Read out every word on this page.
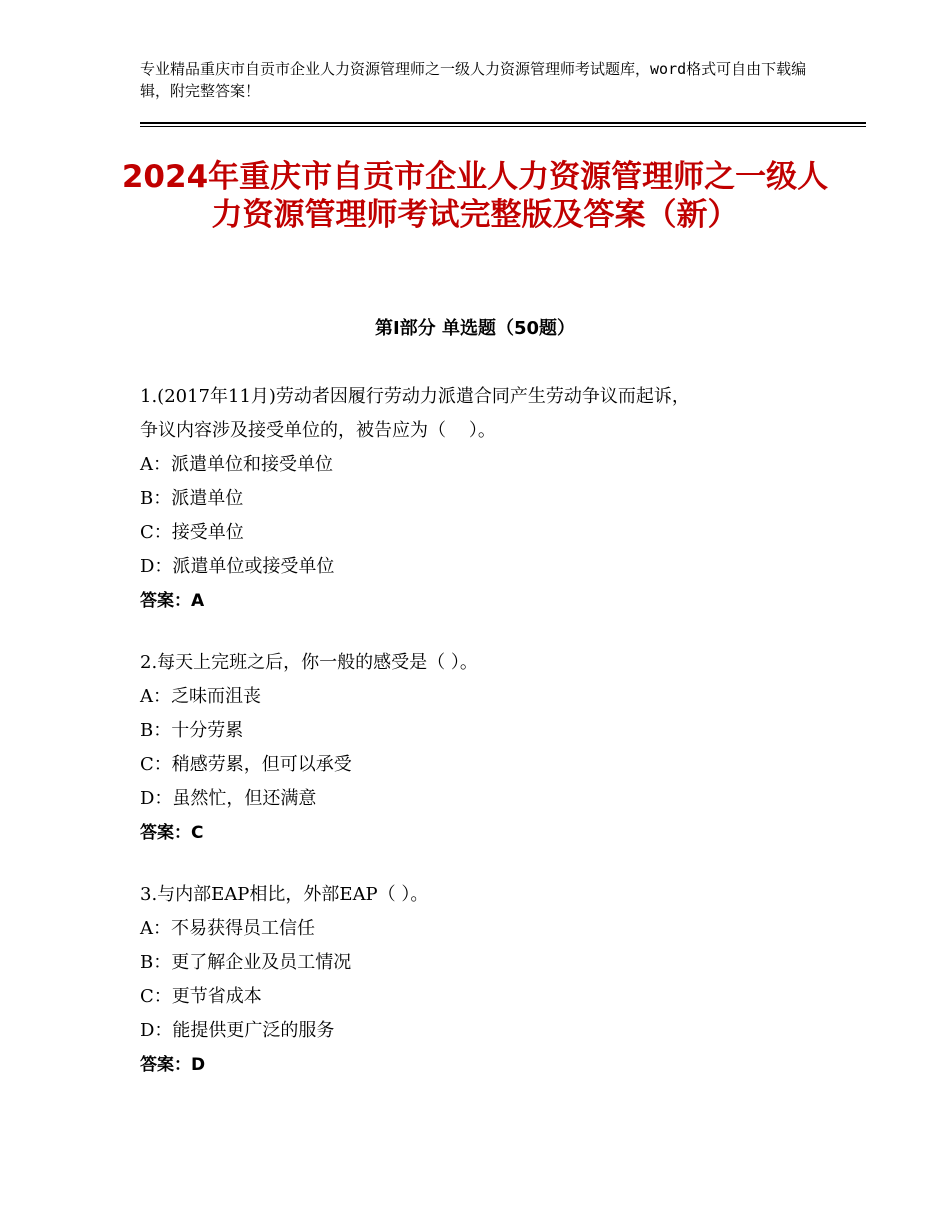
专业精品重庆市自贡市企业人力资源管理师之一级人力资源管理师考试题库，word格式可自由下载编辑，附完整答案！
2024年重庆市自贡市企业人力资源管理师之一级人力资源管理师考试完整版及答案（新）
第Ⅰ部分 单选题（50题）
1.(2017年11月)劳动者因履行劳动力派遣合同产生劳动争议而起诉，
争议内容涉及接受单位的，被告应为（    ）。
A：派遣单位和接受单位
B：派遣单位
C：接受单位
D：派遣单位或接受单位
答案：A
2.每天上完班之后，你一般的感受是（ ）。
A：乏味而沮丧
B：十分劳累
C：稍感劳累，但可以承受
D：虽然忙，但还满意
答案：C
3.与内部EAP相比，外部EAP（ ）。
A：不易获得员工信任
B：更了解企业及员工情况
C：更节省成本
D：能提供更广泛的服务
答案：D
